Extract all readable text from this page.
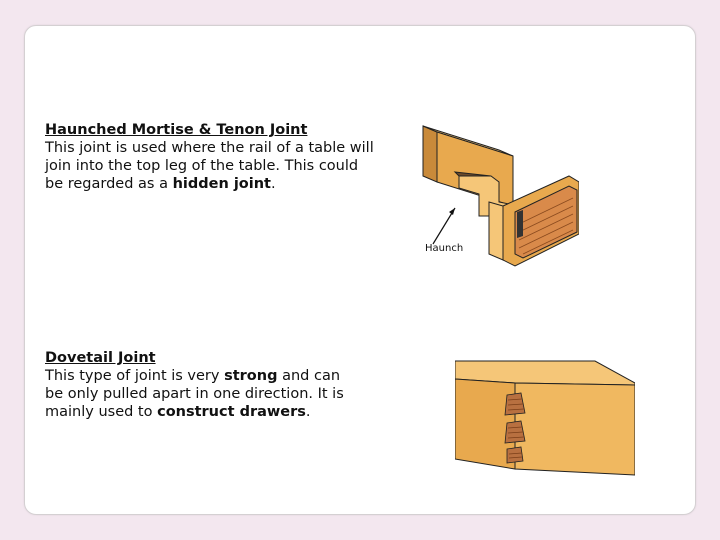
Haunched Mortise & Tenon Joint
This joint is used where the rail of a table will
join into the top leg of the table. This could
be regarded as a hidden joint.
Haunch
Dovetail Joint
This type of joint is very strong and can
be only pulled apart in one direction. It is
mainly used to construct drawers.
